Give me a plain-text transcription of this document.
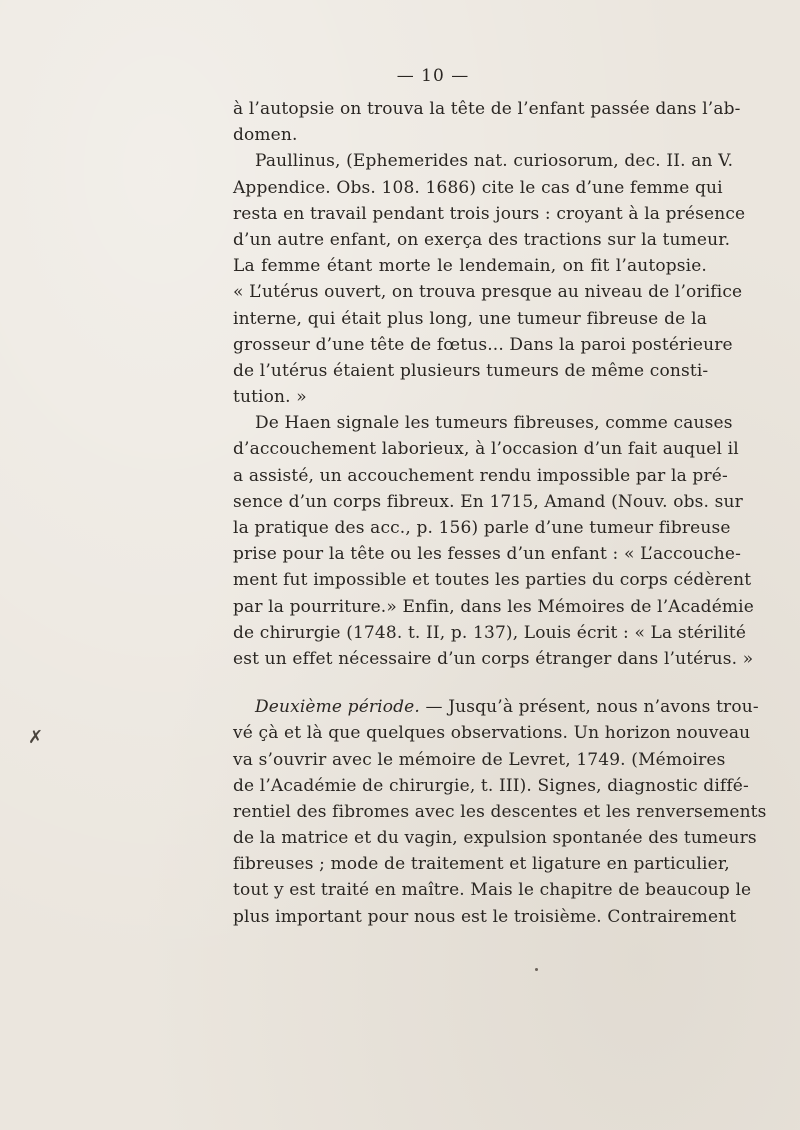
— 10 —
✗
à l’autopsie on trouva la tête de l’enfant passée dans l’ab-
domen.
Paullinus, (Ephemerides nat. curiosorum, dec. II. an V.
Appendice. Obs. 108. 1686) cite le cas d’une femme qui
resta en travail pendant trois jours : croyant à la présence
d’un autre enfant, on exerça des tractions sur la tumeur.
La femme étant morte le lendemain, on fit l’autopsie.
« L’utérus ouvert, on trouva presque au niveau de l’orifice
interne, qui était plus long, une tumeur fibreuse de la
grosseur d’une tête de fœtus... Dans la paroi postérieure
de l’utérus étaient plusieurs tumeurs de même consti-
tution. »
De Haen signale les tumeurs fibreuses, comme causes
d’accouchement laborieux, à l’occasion d’un fait auquel il
a assisté, un accouchement rendu impossible par la pré-
sence d’un corps fibreux. En 1715, Amand (Nouv. obs. sur
la pratique des acc., p. 156) parle d’une tumeur fibreuse
prise pour la tête ou les fesses d’un enfant : « L’accouche-
ment fut impossible et toutes les parties du corps cédèrent
par la pourriture.» Enfin, dans les Mémoires de l’Académie
de chirurgie (1748. t. II, p. 137), Louis écrit : « La stérilité
est un effet nécessaire d’un corps étranger dans l’utérus. »
Deuxième période. — Jusqu’à présent, nous n’avons trou-
vé çà et là que quelques observations. Un horizon nouveau
va s’ouvrir avec le mémoire de Levret, 1749. (Mémoires
de l’Académie de chirurgie, t. III). Signes, diagnostic diffé-
rentiel des fibromes avec les descentes et les renversements
de la matrice et du vagin, expulsion spontanée des tumeurs
fibreuses ; mode de traitement et ligature en particulier,
tout y est traité en maître. Mais le chapitre de beaucoup le
plus important pour nous est le troisième. Contrairement
